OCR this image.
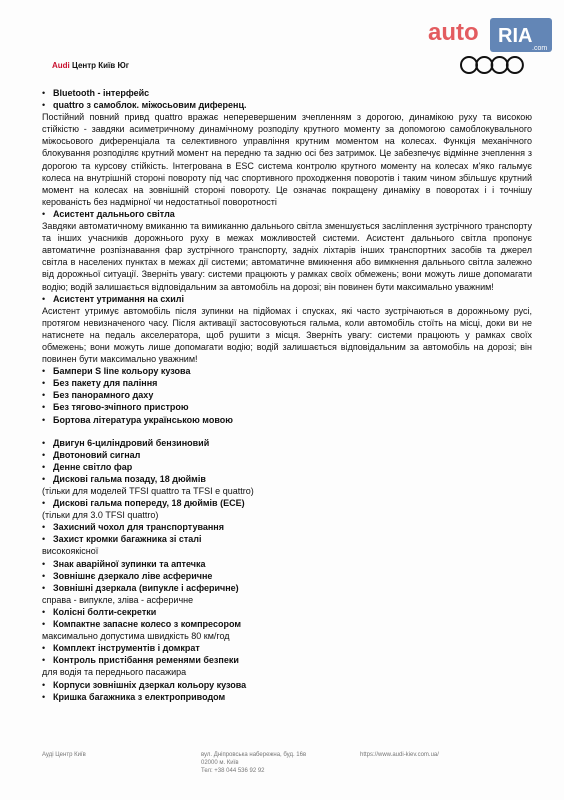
Audi Центр Київ Юг
auto RIA
.com
• Bluetooth - інтерфейс
• quattro з самоблок. міжосьовим диференц.

Постійний повний привд quattro вражає неперевершеним зчепленням з дорогою, динамікою руху та високою стійкістю - завдяки асиметричному динамічному розподілу крутного моменту за допомогою самоблокувального міжосьового диференціала та селективного управління крутним моментом на колесах. Функція механічного блокування розподіляє крутний момент на передню та задню осі без затримок. Це забезпечує відмінне зчеплення з дорогою та курсову стійкість. Інтегрована в ESC система контролю крутного моменту на колесах м'яко гальмує колеса на внутрішній стороні повороту під час спортивного проходження поворотів і таким чином збільшує крутний момент на колесах на зовнішній стороні повороту. Це означає покращену динаміку в поворотах і і точнішу керованість без надмірної чи недостатньої поворотності

• Асистент дальнього світла

Завдяки автоматичному вмиканню та вимиканню дальнього світла зменшується засліплення зустрічного транспорту та інших учасників дорожнього руху в межах можливостей системи. Асистент дальнього світла пропонує автоматичне розпізнавання фар зустрічного транспорту, задніх ліхтарів інших транспортних засобів та джерел світла в населених пунктах в межах дії системи; автоматичне вмикнення або вимкнення дальнього світла залежно від дорожньої ситуації. Зверніть увагу: системи працюють у рамках своїх обмежень; вони можуть лише допомагати водію; водій залишається відповідальним за автомобіль на дорозі; він повинен бути максимально уважним!

• Асистент утримання на схилі

Асистент утримує автомобіль після зупинки на підйомах і спусках, які часто зустрічаються в дорожньому русі, протягом невизначеного часу. Після активації застосовуються гальма, коли автомобіль стоїть на місці, доки ви не натиснете на педаль акселератора, щоб рушити з місця. Зверніть увагу: системи працюють у рамках своїх обмежень; вони можуть лише допомагати водію; водій залишається відповідальним за автомобіль на дорозі; він повинен бути максимально уважним!

• Бампери S line кольору кузова
• Без пакету для паління
• Без панорамного даху
• Без тягово-зчіпного пристрою
• Бортова література українською мовою
• Двигун 6-циліндровий бензиновий
• Двотоновий сигнал
• Денне світло фар
• Дискові гальма позаду, 18 дюймів
(тільки для моделей TFSI quattro та TFSI e quattro)
• Дискові гальма попереду, 18 дюймів (ЕСЕ)
(тільки для 3.0 TFSI quattro)
• Захисний чохол для транспортування
• Захист кромки багажника зі сталі
високоякісної
• Знак аварійної зупинки та аптечка
• Зовнішнє дзеркало ліве асферичне
• Зовнішні дзеркала (випукле і асферичне)
справа - випукле, зліва - асферичне
• Колісні болти-секретки
• Компактне запасне колесо з компресором
максимально допустима швидкість 80 км/год
• Комплект інструментів і домкрат
• Контроль пристібання ременями безпеки
для водія та переднього пасажира
• Корпуси зовнішніх дзеркал кольору кузова
• Кришка багажника з електроприводом
Ауді Центр Київ	вул. Дніпровська набережна, буд. 16в
02000 м. Київ
Тел: +38 044 536 92 92
https://www.audi-kiev.com.ua/
